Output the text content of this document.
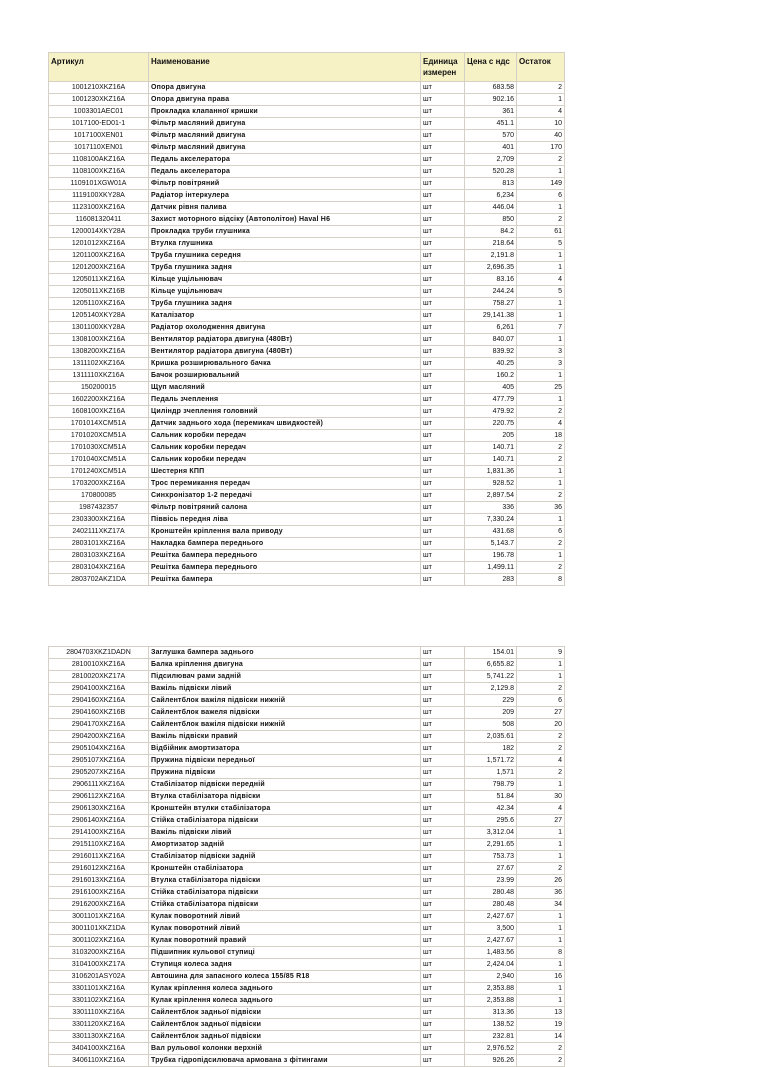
Артикул	Наименование	Единица измерен	Цена с ндс	Остаток
1001210XKZ16A	Опора двигуна	шт	683.58	2
1001230XKZ16A	Опора двигуна права	шт	902.16	1
1003301AEC01	Прокладка клапанної кришки	шт	361	4
1017100-ED01-1	Фільтр масляний двигуна	шт	451.1	10
1017100XEN01	Фільтр масляний двигуна	шт	570	40
1017110XEN01	Фільтр масляний двигуна	шт	401	170
1108100AKZ16A	Педаль акселератора	шт	2,709	2
1108100XKZ16A	Педаль акселератора	шт	520.28	1
1109101XGW01A	Фільтр повітряний	шт	813	149
1119100XKY28A	Радіатор інтеркулера	шт	6,234	6
1123100XKZ16A	Датчик рівня палива	шт	446.04	1
116081320411	Захист моторного відсіку (Автополітон) Haval H6	шт	850	2
1200014XKY28A	Прокладка труби глушника	шт	84.2	61
1201012XKZ16A	Втулка глушника	шт	218.64	5
1201100XKZ16A	Труба глушника середня	шт	2,191.8	1
1201200XKZ16A	Труба глушника задня	шт	2,696.35	1
1205011XKZ16A	Кільце ущільнювач	шт	83.16	4
1205011XKZ16B	Кільце ущільнювач	шт	244.24	5
1205110XKZ16A	Труба глушника задня	шт	758.27	1
1205140XKY28A	Каталізатор	шт	29,141.38	1
1301100XKY28A	Радіатор охолодження двигуна	шт	6,261	7
1308100XKZ16A	Вентилятор радіатора двигуна (480Вт)	шт	840.07	1
1308200XKZ16A	Вентилятор радіатора двигуна (480Вт)	шт	839.92	3
1311102XKZ16A	Кришка розширювального бачка	шт	40.25	3
1311110XKZ16A	Бачок розширювальний	шт	160.2	1
150200015	Щуп масляний	шт	405	25
1602200XKZ16A	Педаль зчеплення	шт	477.79	1
1608100XKZ16A	Циліндр зчеплення головний	шт	479.92	2
1701014XCM51A	Датчик заднього хода (перемикач швидкостей)	шт	220.75	4
1701020XCM51A	Сальник коробки передач	шт	205	18
1701030XCM51A	Сальник коробки передач	шт	140.71	2
1701040XCM51A	Сальник коробки передач	шт	140.71	2
1701240XCM51A	Шестерня КПП	шт	1,831.36	1
1703200XKZ16A	Трос перемикання передач	шт	928.52	1
170800085	Синхронізатор 1-2 передачі	шт	2,897.54	2
1987432357	Фільтр повітряний салона	шт	336	36
2303300XKZ16A	Піввісь передня ліва	шт	7,330.24	1
2402111XKZ17A	Кронштейн кріплення вала приводу	шт	431.68	6
2803101XKZ16A	Накладка бампера переднього	шт	5,143.7	2
2803103XKZ16A	Решітка бампера переднього	шт	196.78	1
2803104XKZ16A	Решітка бампера переднього	шт	1,499.11	2
2803702AKZ1DA	Решітка бампера	шт	283	8
2804703XKZ1DADN	Заглушка бампера заднього	шт	154.01	9
2810010XKZ16A	Балка кріплення двигуна	шт	6,655.82	1
2810020XKZ17A	Підсилювач рами задній	шт	5,741.22	1
2904100XKZ16A	Важіль підвіски лівий	шт	2,129.8	2
2904160XKZ16A	Сайлентблок важіля підвіски нижній	шт	229	6
2904160XKZ16B	Сайлентблок важеля підвіски	шт	209	27
2904170XKZ16A	Сайлентблок важіля підвіски нижній	шт	508	20
2904200XKZ16A	Важіль підвіски правий	шт	2,035.61	2
2905104XKZ16A	Відбійник амортизатора	шт	182	2
2905107XKZ16A	Пружина підвіски передньої	шт	1,571.72	4
2905207XKZ16A	Пружина підвіски	шт	1,571	2
2906111XKZ16A	Стабілізатор підвіски передній	шт	798.79	1
2906112XKZ16A	Втулка стабілізатора підвіски	шт	51.84	30
2906130XKZ16A	Кронштейн втулки стабілізатора	шт	42.34	4
2906140XKZ16A	Стійка стабілізатора підвіски	шт	295.6	27
2914100XKZ16A	Важіль підвіски лівий	шт	3,312.04	1
2915110XKZ16A	Амортизатор задній	шт	2,291.65	1
2916011XKZ16A	Стабілізатор підвіски задній	шт	753.73	1
2916012XKZ16A	Кронштейн стабілізатора	шт	27.67	2
2916013XKZ16A	Втулка стабілізатора підвіски	шт	23.99	26
2916100XKZ16A	Стійка стабілізатора підвіски	шт	280.48	36
2916200XKZ16A	Стійка стабілізатора підвіски	шт	280.48	34
3001101XKZ16A	Кулак поворотний лівий	шт	2,427.67	1
3001101XKZ1DA	Кулак поворотний лівий	шт	3,500	1
3001102XKZ16A	Кулак поворотний правий	шт	2,427.67	1
3103200XKZ16A	Підшипник кульової ступиці	шт	1,483.56	8
3104100XKZ17A	Ступиця колеса задня	шт	2,424.04	1
3106201ASY02A	Автошина для запасного колеса 155/85 R18	шт	2,940	16
3301101XKZ16A	Кулак кріплення колеса заднього	шт	2,353.88	1
3301102XKZ16A	Кулак кріплення колеса заднього	шт	2,353.88	1
3301110XKZ16A	Сайлентблок задньої підвіски	шт	313.36	13
3301120XKZ16A	Сайлентблок задньої підвіски	шт	138.52	19
3301130XKZ16A	Сайлентблок задньої підвіски	шт	232.81	14
3404100XKZ16A	Вал рульової колонки верхній	шт	2,976.52	2
3406110XKZ16A	Трубка гідропідсилювача армована з фітингами	шт	926.26	2
